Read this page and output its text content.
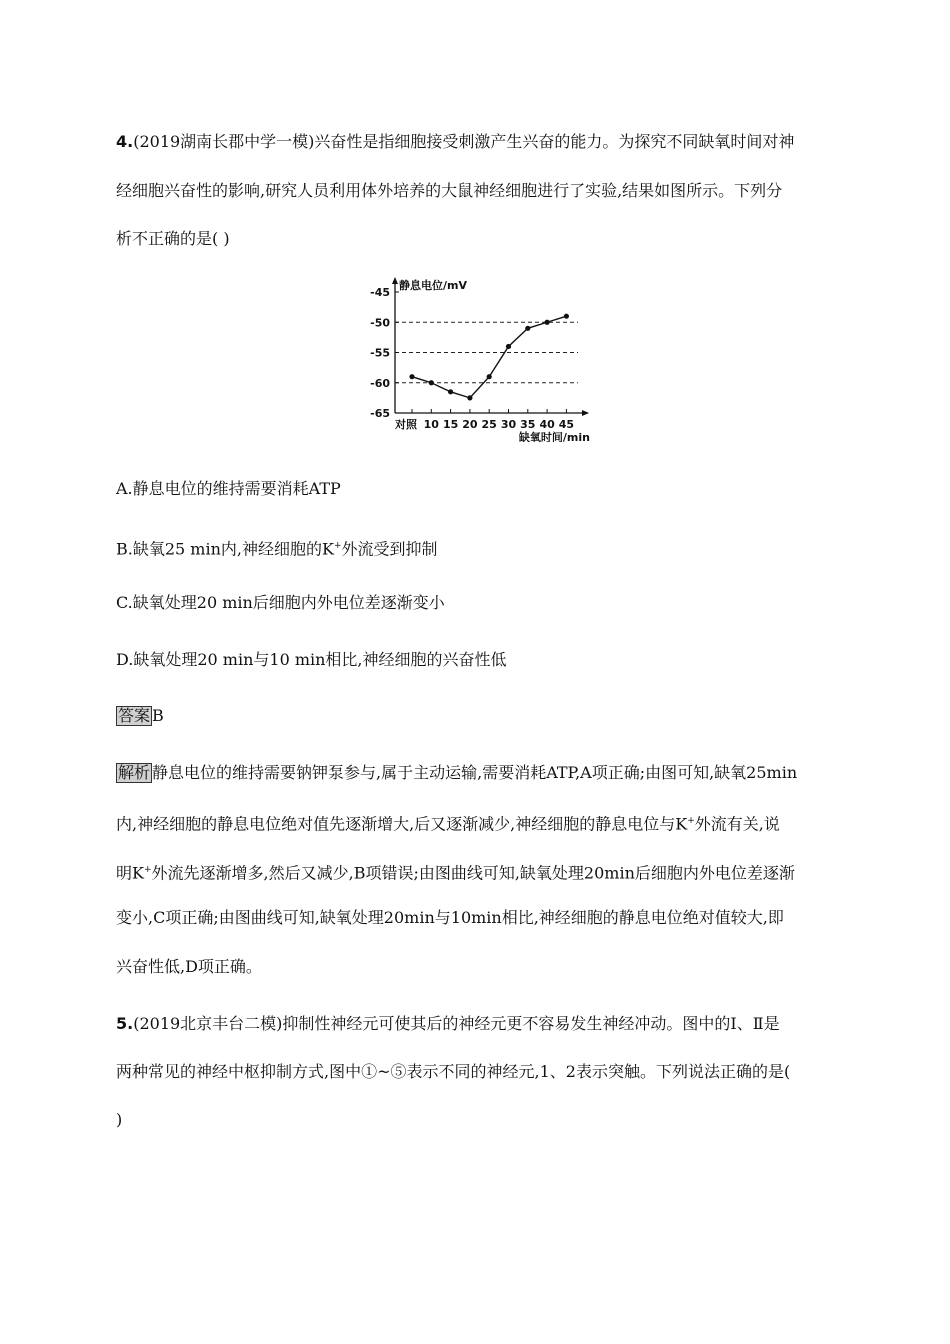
4.(2019湖南长郡中学一模)兴奋性是指细胞接受刺激产生兴奋的能力。为探究不同缺氧时间对神
经细胞兴奋性的影响,研究人员利用体外培养的大鼠神经细胞进行了实验,结果如图所示。下列分
析不正确的是( )
-45
-50
-55
-60
-65
对照 10 15 20 25 30 35 40 45
静息电位/mV
缺氧时间/min
A.静息电位的维持需要消耗ATP
B.缺氧25 min内,神经细胞的K+外流受到抑制
C.缺氧处理20 min后细胞内外电位差逐渐变小
D.缺氧处理20 min与10 min相比,神经细胞的兴奋性低
答案 B
解析 静息电位的维持需要钠钾泵参与,属于主动运输,需要消耗ATP,A项正确;由图可知,缺氧25min
内,神经细胞的静息电位绝对值先逐渐增大,后又逐渐减少,神经细胞的静息电位与K+外流有关,说
明K+外流先逐渐增多,然后又减少,B项错误;由图曲线可知,缺氧处理20min后细胞内外电位差逐渐
变小,C项正确;由图曲线可知,缺氧处理20min与10min相比,神经细胞的静息电位绝对值较大,即
兴奋性低,D项正确。
5.(2019北京丰台二模)抑制性神经元可使其后的神经元更不容易发生神经冲动。图中的Ⅰ、Ⅱ是
两种常见的神经中枢抑制方式,图中①~⑤表示不同的神经元,1、2表示突触。下列说法正确的是(
)
